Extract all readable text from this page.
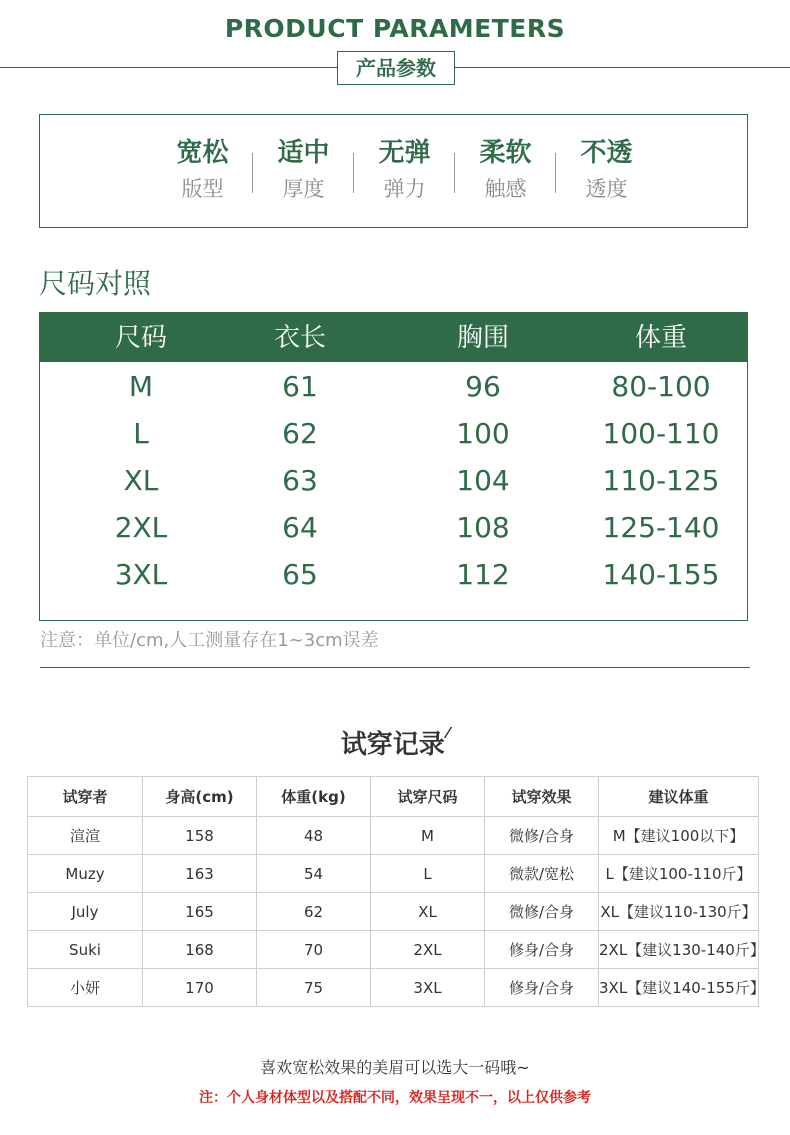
PRODUCT PARAMETERS
产品参数
宽松
版型
适中
厚度
无弹
弹力
柔软
触感
不透
透度
尺码对照
尺码	衣长	胸围	体重
M	61	96	80-100
L	62	100	100-110
XL	63	104	110-125
2XL	64	108	125-140
3XL	65	112	140-155
注意：单位/cm,人工测量存在1~3cm误差
试穿记录 ⁄
试穿者	身高(cm)	体重(kg)	试穿尺码	试穿效果	建议体重
渲渲	158	48	M	微修/合身	M【建议100以下】
Muzy	163	54	L	微款/宽松	L【建议100-110斤】
July	165	62	XL	微修/合身	XL【建议110-130斤】
Suki	168	70	2XL	修身/合身	2XL【建议130-140斤】
小妍	170	75	3XL	修身/合身	3XL【建议140-155斤】
喜欢宽松效果的美眉可以选大一码哦~
注：个人身材体型以及搭配不同，效果呈现不一，以上仅供参考
